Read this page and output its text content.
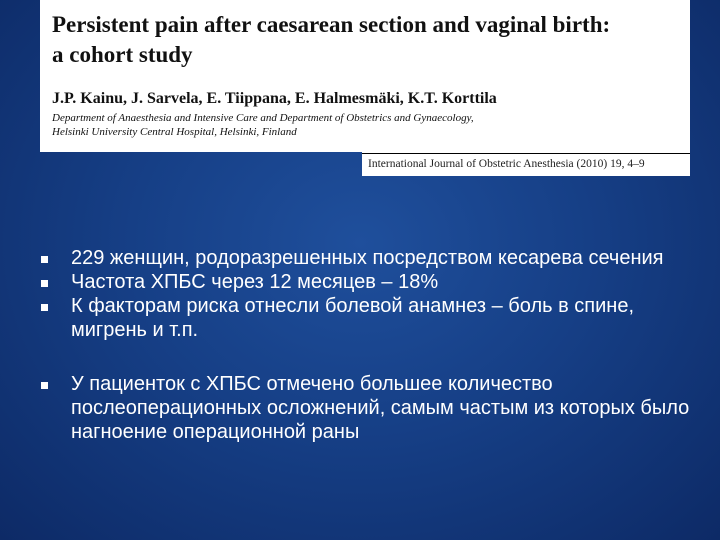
Persistent pain after caesarean section and vaginal birth:
a cohort study
J.P. Kainu, J. Sarvela, E. Tiippana, E. Halmesmäki, K.T. Korttila
Department of Anaesthesia and Intensive Care and Department of Obstetrics and Gynaecology,
Helsinki University Central Hospital, Helsinki, Finland
International Journal of Obstetric Anesthesia (2010) 19, 4–9
229 женщин, родоразрешенных посредством кесарева сечения
Частота ХПБС через 12 месяцев – 18%
К факторам риска отнесли болевой анамнез – боль в спине, мигрень и т.п.
У пациенток с ХПБС отмечено большее количество послеоперационных осложнений, самым частым из которых было нагноение операционной раны
